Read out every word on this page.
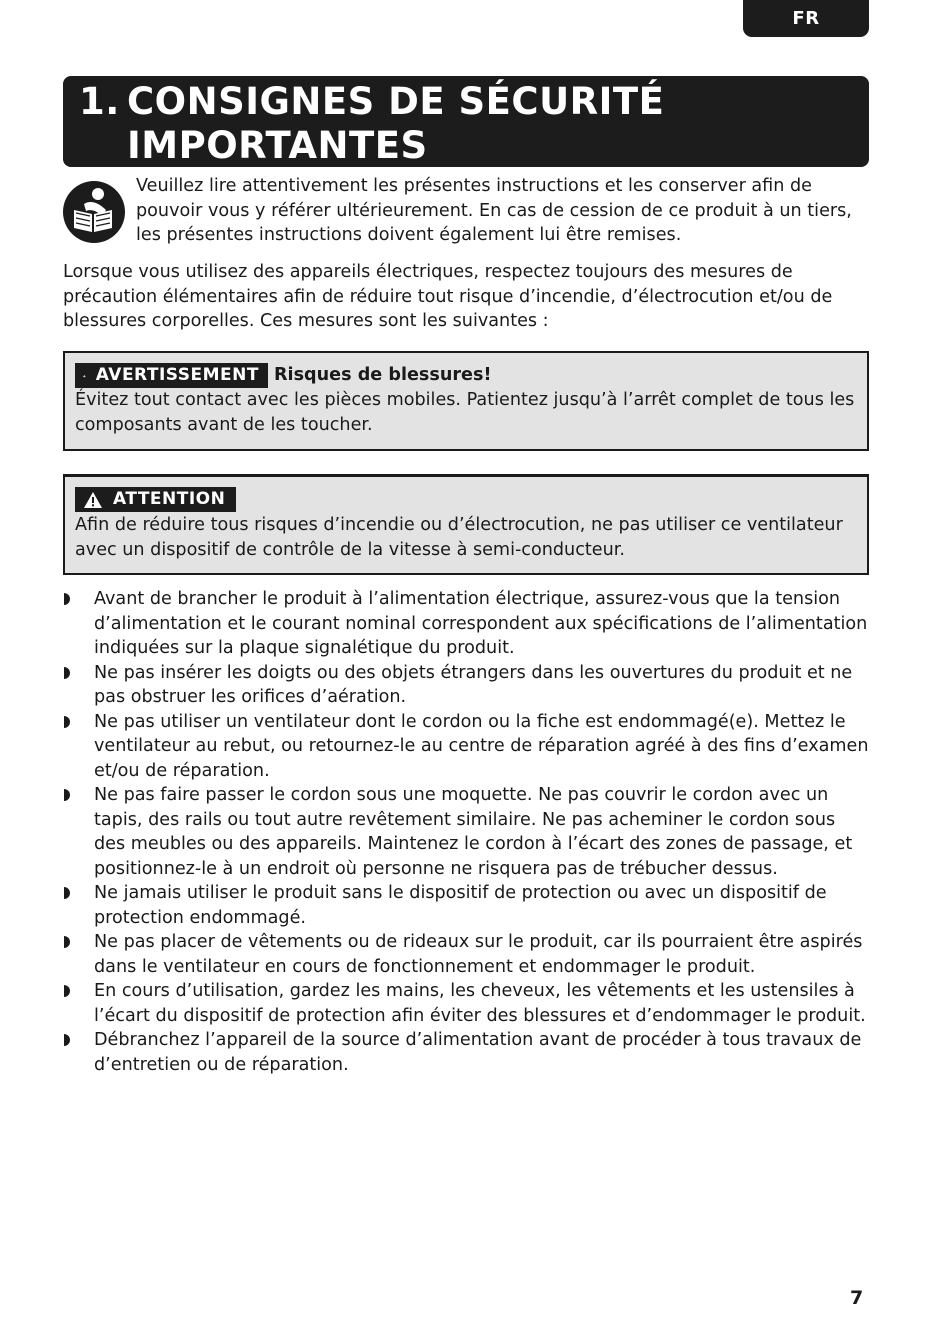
FR
1. CONSIGNES DE SÉCURITÉ
IMPORTANTES
Veuillez lire attentivement les présentes instructions et les conserver afin de pouvoir vous y référer ultérieurement. En cas de cession de ce produit à un tiers, les présentes instructions doivent également lui être remises.
Lorsque vous utilisez des appareils électriques, respectez toujours des mesures de précaution élémentaires afin de réduire tout risque d’incendie, d’électrocution et/ou de blessures corporelles. Ces mesures sont les suivantes :
AVERTISSEMENT Risques de blessures!
Évitez tout contact avec les pièces mobiles. Patientez jusqu’à l’arrêt complet de tous les composants avant de les toucher.
ATTENTION
Afin de réduire tous risques d’incendie ou d’électrocution, ne pas utiliser ce ventilateur avec un dispositif de contrôle de la vitesse à semi-conducteur.
Avant de brancher le produit à l’alimentation électrique, assurez-vous que la tension d’alimentation et le courant nominal correspondent aux spécifications de l’alimentation indiquées sur la plaque signalétique du produit.
Ne pas insérer les doigts ou des objets étrangers dans les ouvertures du produit et ne pas obstruer les orifices d’aération.
Ne pas utiliser un ventilateur dont le cordon ou la fiche est endommagé(e). Mettez le ventilateur au rebut, ou retournez-le au centre de réparation agréé à des fins d’examen et/ou de réparation.
Ne pas faire passer le cordon sous une moquette. Ne pas couvrir le cordon avec un tapis, des rails ou tout autre revêtement similaire. Ne pas acheminer le cordon sous des meubles ou des appareils. Maintenez le cordon à l’écart des zones de passage, et positionnez-le à un endroit où personne ne risquera pas de trébucher dessus.
Ne jamais utiliser le produit sans le dispositif de protection ou avec un dispositif de protection endommagé.
Ne pas placer de vêtements ou de rideaux sur le produit, car ils pourraient être aspirés dans le ventilateur en cours de fonctionnement et endommager le produit.
En cours d’utilisation, gardez les mains, les cheveux, les vêtements et les ustensiles à l’écart du dispositif de protection afin éviter des blessures et d’endommager le produit.
Débranchez l’appareil de la source d’alimentation avant de procéder à tous travaux de d’entretien ou de réparation.
7
